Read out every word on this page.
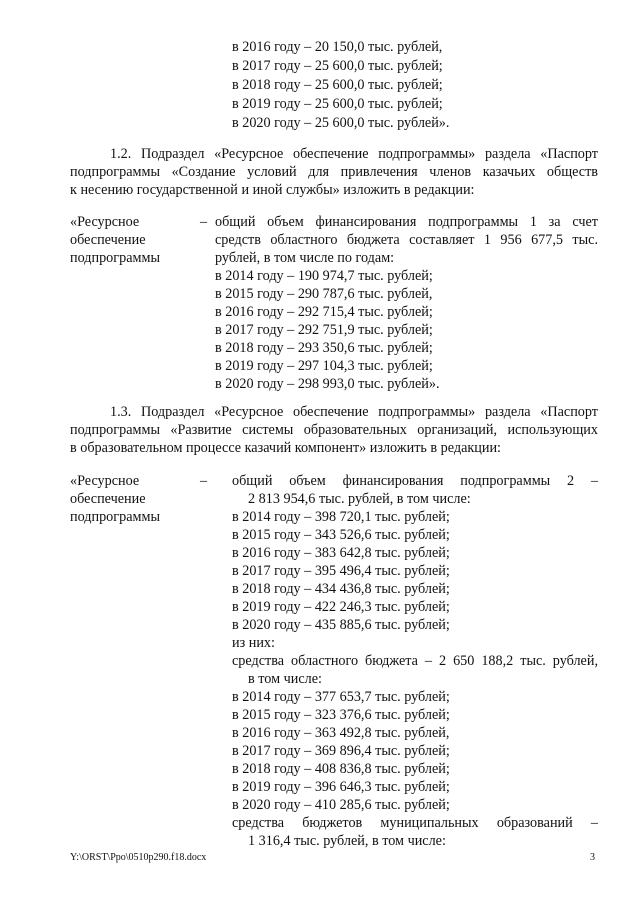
в 2016 году – 20 150,0 тыс. рублей,
в 2017 году – 25 600,0 тыс. рублей;
в 2018 году – 25 600,0 тыс. рублей;
в 2019 году – 25 600,0 тыс. рублей;
в 2020 году – 25 600,0 тыс. рублей».
1.2. Подраздел «Ресурсное обеспечение подпрограммы» раздела «Паспорт
подпрограммы «Создание условий для привлечения членов казачьих обществ
к несению государственной и иной службы» изложить в редакции:
«Ресурсное
обеспечение
подпрограммы
– общий объем финансирования подпрограммы 1 за счет
средств областного бюджета составляет 1 956 677,5 тыс.
рублей, в том числе по годам:
в 2014 году – 190 974,7 тыс. рублей;
в 2015 году – 290 787,6 тыс. рублей,
в 2016 году – 292 715,4 тыс. рублей;
в 2017 году – 292 751,9 тыс. рублей;
в 2018 году – 293 350,6 тыс. рублей;
в 2019 году – 297 104,3 тыс. рублей;
в 2020 году – 298 993,0 тыс. рублей».
1.3. Подраздел «Ресурсное обеспечение подпрограммы» раздела «Паспорт
подпрограммы «Развитие системы образовательных организаций, использующих
в образовательном процессе казачий компонент» изложить в редакции:
«Ресурсное
обеспечение
подпрограммы
– общий объем финансирования подпрограммы 2 –
2 813 954,6 тыс. рублей, в том числе:
в 2014 году – 398 720,1 тыс. рублей;
в 2015 году – 343 526,6 тыс. рублей;
в 2016 году – 383 642,8 тыс. рублей;
в 2017 году – 395 496,4 тыс. рублей;
в 2018 году – 434 436,8 тыс. рублей;
в 2019 году – 422 246,3 тыс. рублей;
в 2020 году – 435 885,6 тыс. рублей;
из них:
средства областного бюджета – 2 650 188,2 тыс. рублей,
в том числе:
в 2014 году – 377 653,7 тыс. рублей;
в 2015 году – 323 376,6 тыс. рублей;
в 2016 году – 363 492,8 тыс. рублей,
в 2017 году – 369 896,4 тыс. рублей;
в 2018 году – 408 836,8 тыс. рублей;
в 2019 году – 396 646,3 тыс. рублей;
в 2020 году – 410 285,6 тыс. рублей;
средства бюджетов муниципальных образований –
1 316,4 тыс. рублей, в том числе:
Y:\ORST\Ppo\0510p290.f18.docx	3
